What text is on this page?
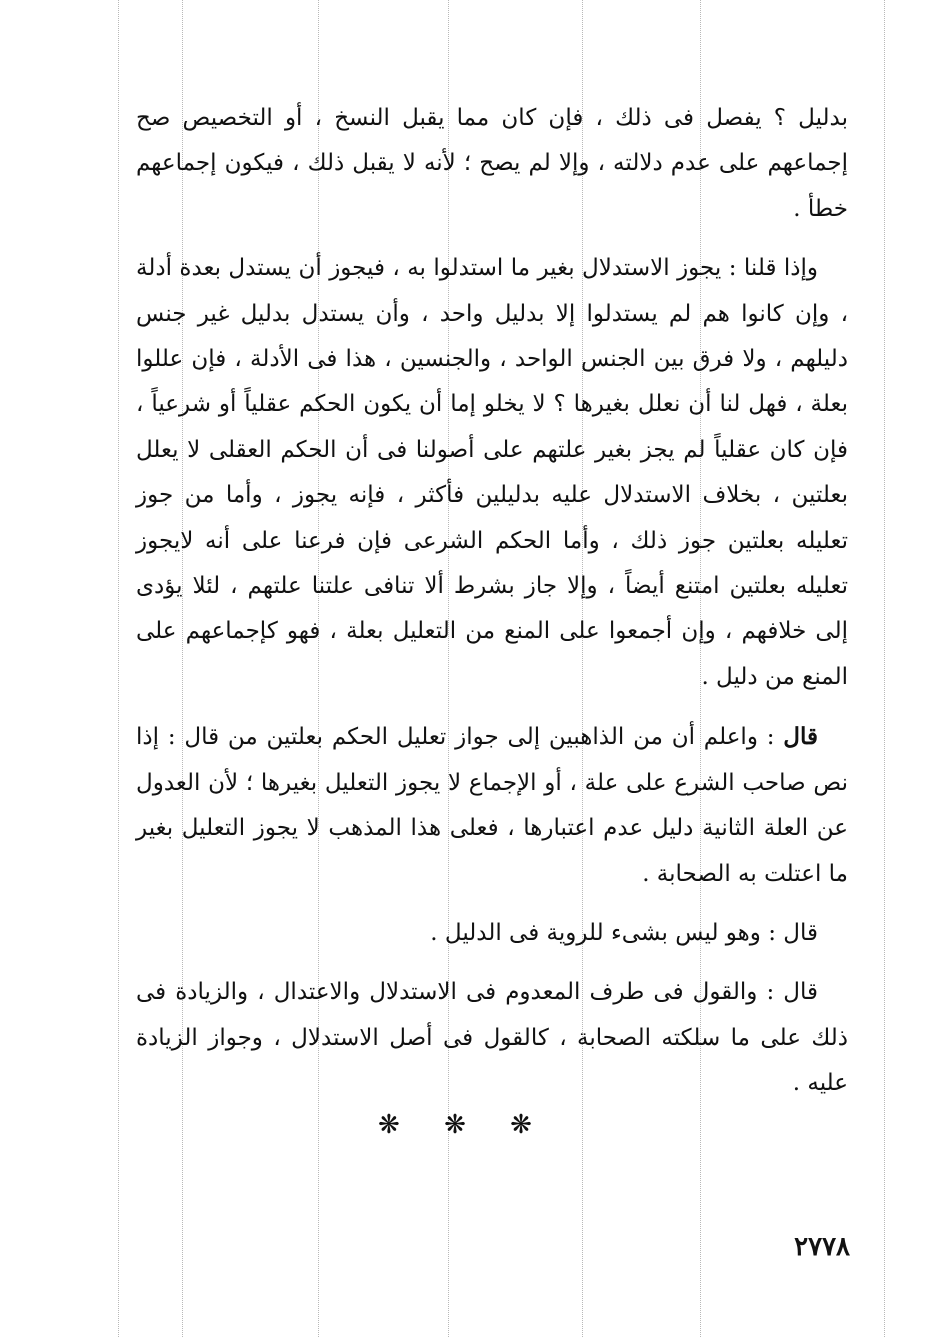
بدليل ؟ يفصل فى ذلك ، فإن كان مما يقبل النسخ ، أو التخصيص صح إجماعهم على عدم دلالته ، وإلا لم يصح ؛ لأنه لا يقبل ذلك ، فيكون إجماعهم خطأ .

وإذا قلنا : يجوز الاستدلال بغير ما استدلوا به ، فيجوز أن يستدل بعدة أدلة ، وإن كانوا هم لم يستدلوا إلا بدليل واحد ، وأن يستدل بدليل غير جنس دليلهم ، ولا فرق بين الجنس الواحد ، والجنسين ، هذا فى الأدلة ، فإن عللوا بعلة ، فهل لنا أن نعلل بغيرها ؟ لا يخلو إما أن يكون الحكم عقلياً أو شرعياً ، فإن كان عقلياً لم يجز بغير علتهم على أصولنا فى أن الحكم العقلى لا يعلل بعلتين ، بخلاف الاستدلال عليه بدليلين فأكثر ، فإنه يجوز ، وأما من جوز تعليله بعلتين جوز ذلك ، وأما الحكم الشرعى فإن فرعنا على أنه لايجوز تعليله بعلتين امتنع أيضاً ، وإلا جاز بشرط ألا تنافى علتنا علتهم ، لئلا يؤدى إلى خلافهم ، وإن أجمعوا على المنع من التعليل بعلة ، فهو كإجماعهم على المنع من دليل .

قال : واعلم أن من الذاهبين إلى جواز تعليل الحكم بعلتين من قال : إذا نص صاحب الشرع على علة ، أو الإجماع لا يجوز التعليل بغيرها ؛ لأن العدول عن العلة الثانية دليل عدم اعتبارها ، فعلى هذا المذهب لا يجوز التعليل بغير ما اعتلت به الصحابة .

قال : وهو ليس بشىء للروية فى الدليل .

قال : والقول فى طرف المعدوم فى الاستدلال والاعتدال ، والزيادة فى ذلك على ما سلكته الصحابة ، كالقول فى أصل الاستدلال ، وجواز الزيادة عليه .

❋ ❋ ❋
٢٧٧٨
